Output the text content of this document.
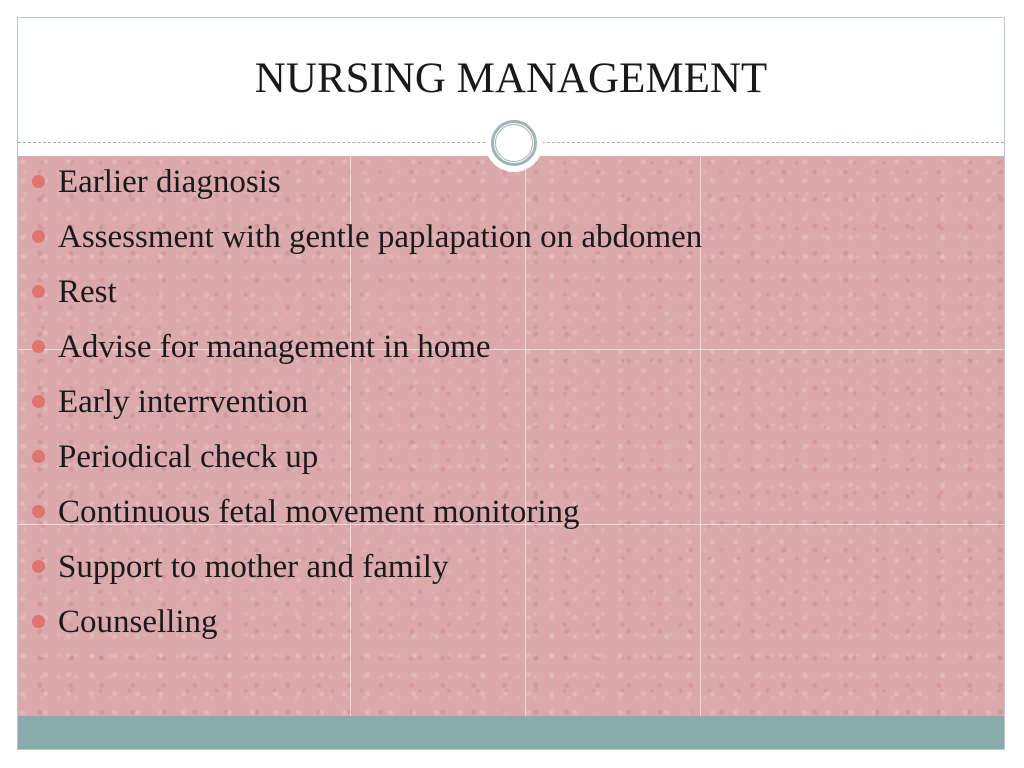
NURSING MANAGEMENT
Earlier diagnosis
Assessment with gentle paplapation on abdomen
Rest
Advise for management in home
Early interrvention
Periodical check up
Continuous fetal movement monitoring
Support to mother and family
Counselling
